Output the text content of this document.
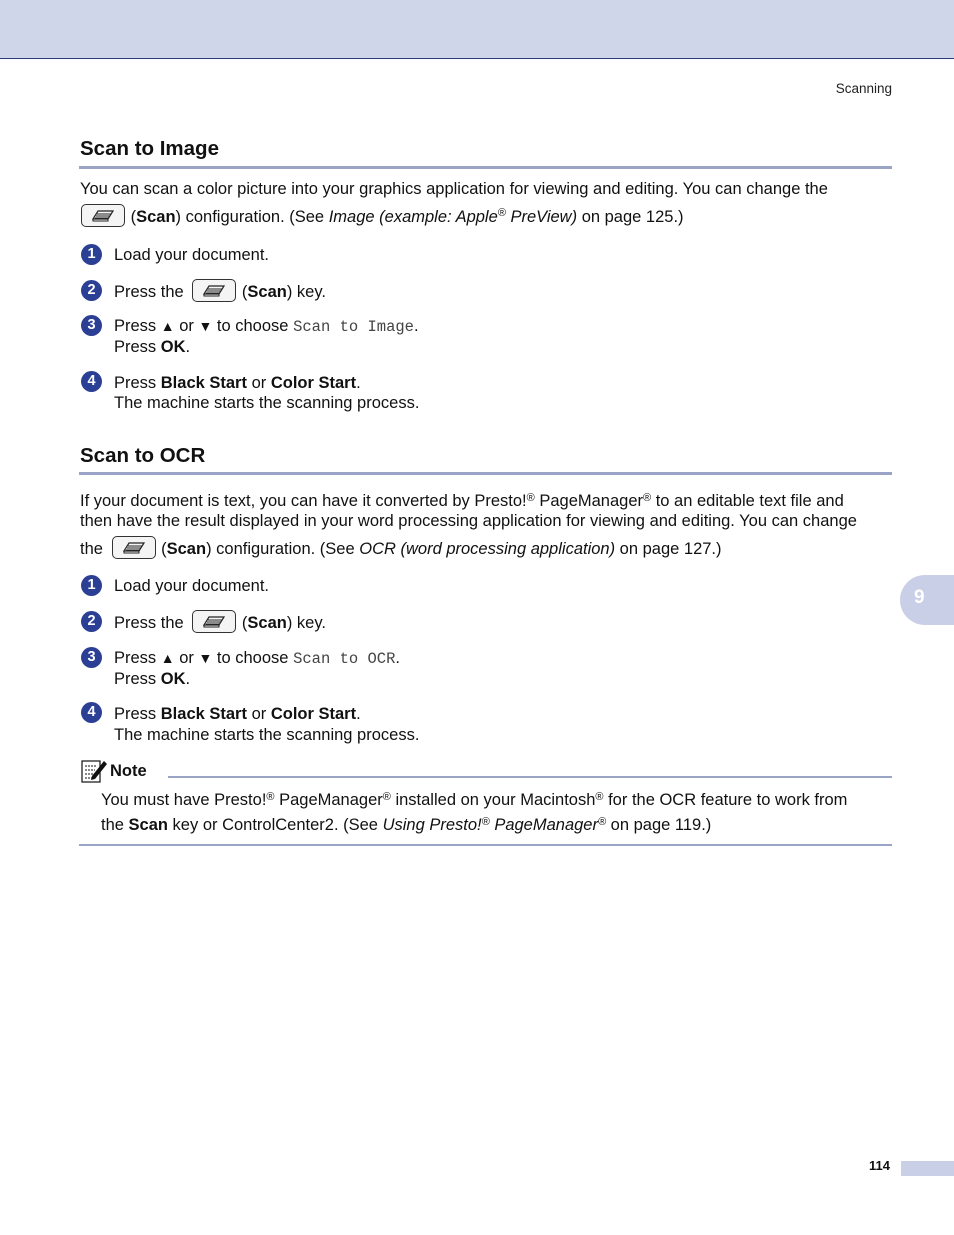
Scanning
Scan to Image
You can scan a color picture into your graphics application for viewing and editing. You can change the
(Scan) configuration. (See Image (example: Apple® PreView) on page 125.)
1	Load your document.
2	Press the	(Scan) key.
3	Press ▲ or ▼ to choose Scan to Image.
Press OK.
4	Press Black Start or Color Start.
The machine starts the scanning process.
Scan to OCR
If your document is text, you can have it converted by Presto!® PageManager® to an editable text file and
then have the result displayed in your word processing application for viewing and editing. You can change
the	(Scan) configuration. (See OCR (word processing application) on page 127.)
1	Load your document.
2	Press the	(Scan) key.
3	Press ▲ or ▼ to choose Scan to OCR.
Press OK.
4	Press Black Start or Color Start.
The machine starts the scanning process.
Note
You must have Presto!® PageManager® installed on your Macintosh® for the OCR feature to work from
the Scan key or ControlCenter2. (See Using Presto!® PageManager® on page 119.)
9
114
